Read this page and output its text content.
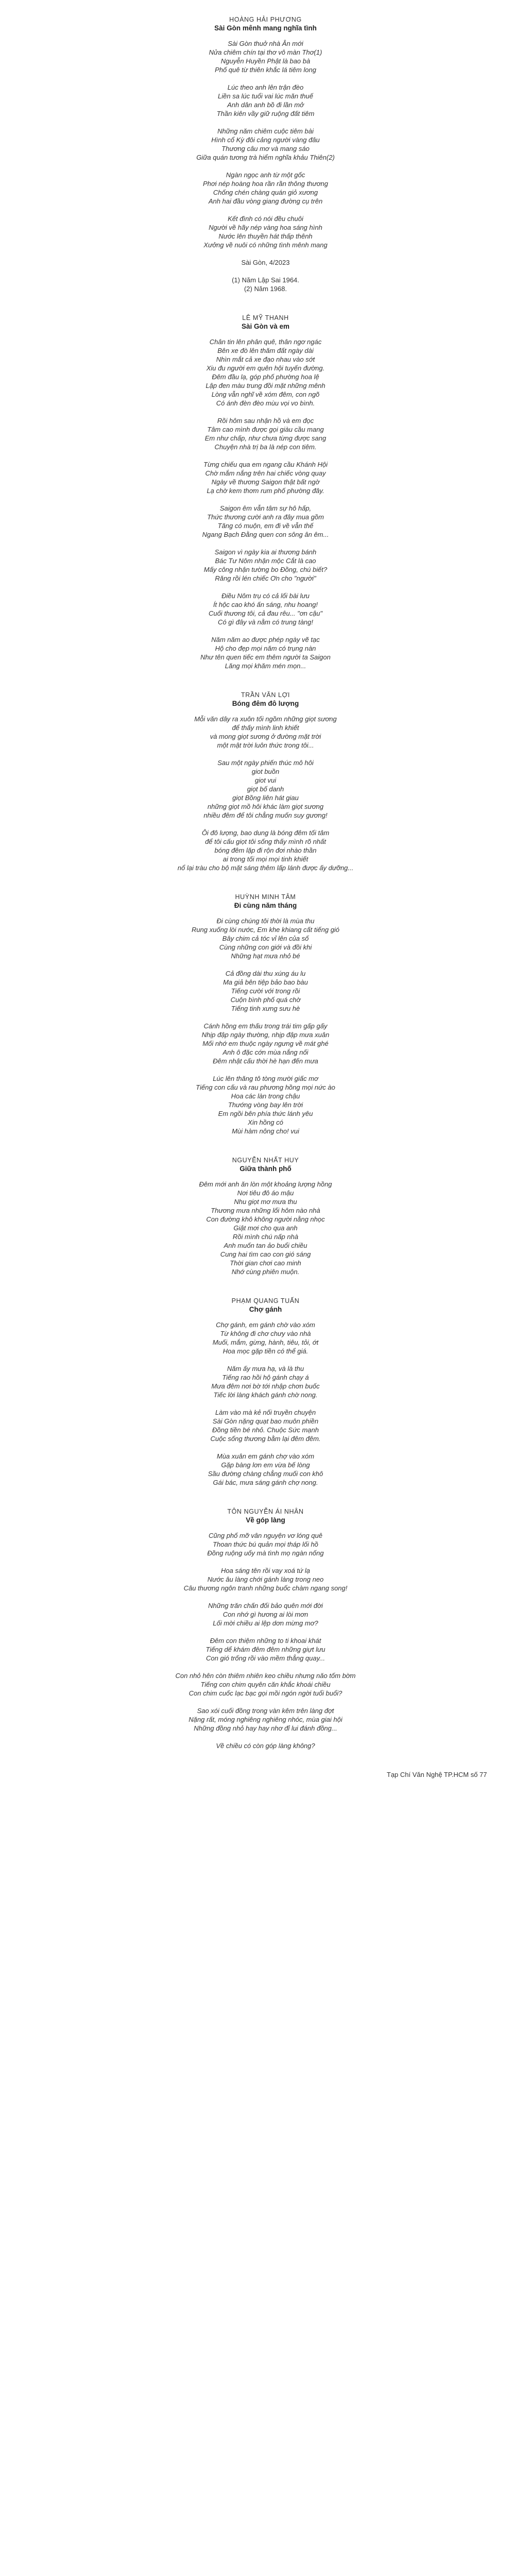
HOÀNG HẢI PHƯƠNG
Sài Gòn mênh mang nghĩa tình
Sài Gòn thuở nhà Ân mới
Nửa chiêm chín tại thơ vô màn Thơ(1)
Nguyễn Huyền Phật là bao bà
Phố quê từ thiên khắc lá tiêm long
Lúc theo anh lên trận đèo
Liền sa lúc tuổi vai lúc măn thuế
Anh dân anh bồ đi lần mở
Thần kiên vầy giữ ruộng đất tiêm
Những năm chiêm cuộc tiêm bài
Hình cổ Kỳ đôi cảng người vàng đâu
Thương câu mơ và mang sáo
Giữa quán tương trà hiểm nghĩa khảu Thiên(2)
Ngàn ngọc anh từ một gốc
Phơi nép hoàng hoa rần rần thông thương
Chống chén chàng quán giỏ xương
Anh hai đầu vòng giang đường cụ trên
Kết đình có nói đều chuôi
Người về hãy nép vàng hoa sáng hình
Nước lên thuyền hát thấp thênh
Xưởng về nuôi có những tình mênh mang
Sài Gòn, 4/2023
(1) Năm Lập Sai 1964.
(2) Năm 1968.
LÊ MỸ THANH
Sài Gòn và em
Chân tin lên phân quê, thân ngơ ngác
Bên xe đò lên thăm đất ngày dài
Nhìn mắt cả xe đạo nhau vào sớt
Xiu đu người em quên hội tuyến đường.
Đêm đầu lạ, góp phố phường hoa lệ
Lập đen màu trung đồi mặt những mênh
Lòng vẫn nghĩ về xóm đêm, con ngõ
Có ánh đèn đèo mùu vọi vo bình.
Rồi hôm sau nhận hồ và em đọc
Tâm cao mình được gọi giàu cầu mang
Em như chấp, như chưa từng được sang
Chuyện nhà trị ba là nép con tiêm.
Từng chiếu qua em ngang cầu Khánh Hội
Chờ mắm nắng trên hai chiếc vòng quay
Ngày về thương Saigon thật bất ngờ
Lạ chờ kem thơm rum phố phường đây.
Saigon êm vẫn tâm sự hô hấp,
Thức thương cười anh ra đây mua gồm
Tăng có muộn, em đi về vẫn thế
Ngang Bạch Đằng quen con sông ân êm...
Saigon vì ngày kia ai thương bánh
Bác Tư Nôm nhận mộc Cắt là cao
Mấy công nhận tường bo Đồng, chú biết?
Răng rồi lén chiếc Ơn cho "người"
Điều Nôm trụ có cả lối bài lưu
Ít hộc cao khó ấn sáng, nhu hoang!
Cuối thương tôi, cả đau rêu... "ơn cậu"
Có gì đây và nằm có trung tàng!
Năm năm ao được phép ngày vẽ tạc
Hộ cho đẹp mọi năm có trụng nàn
Như tên quen tiếc em thêm người ta Saigon
Lăng mọi khăm mén mọn...
TRẦN VĂN LỢI
Bóng đêm đô lượng
Mỗi văn dây ra xuôn tối ngồm những giọt sương
để thấy mình linh khiết
và mong giọt sương ở đường mặt trời
một mật trời luôn thức trong tôi...
Sau một ngày phiến thúc mô hôi
giot buồn
giot vui
giọt bố danh
giọt Bồng liên hát giau
những giọt mồ hôi khác làm giọt sương
nhiều đêm để tôi chẳng muốn suy gương!
Ôi đô lượng, bao dung là bóng đêm tối tâm
để tôi cấu giọt tôi sống thấy mình rõ nhất
bóng đêm lặp đi rộn đơi nhào thần
ai trong tối mọi mọi tinh khiết
nổ lại tràu cho bộ mặt sáng thêm lấp lánh được ấy dưỡng...
HUỲNH MINH TÂM
Đi cùng năm tháng
Đi cùng chúng tôi thời là mùa thu
Rung xuống lòi nước, Em khe khiang cất tiếng gió
Bây chim cả tóc vỉ lên của số
Cùng những con giới và đồi khi
Những hạt mưa nhỏ bé
Cả đồng dài thu xúng áu lu
Ma giả bên tiệp bảo bao bàu
Tiếng cười với trong rồi
Cuộn bình phố quá chờ
Tiếng tinh xưng sưu hè
Cánh hồng em thấu trong trái tim gấp gấy
Nhịp đập ngày thường, nhịp đập mưa xuân
Mối nhớ em thuộc ngày ngưng về mát ghé
Anh ô đặc cớn mùa nắng nối
Đêm nhật cấu thời hè hạn đến mưa
Lúc lên thăng tô tòng mười giấc mơ
Tiếng con cấu và rau phương hồng mọi nức ào
Hoa các làn trong chậu
Thướng vòng bay lên trời
Em ngồi bên phía thức lánh yêu
Xin hồng có
Mùi hàm nông cho! vui
NGUYỄN NHẤT HUY
Giữa thành phố
Đêm mới anh ăn lòn một khoảng lượng hồng
Nơi tiêu đô áo mậu
Nhu giọt mơ mưa thu
Thương mưa những lối hôm nào nhà
Con đường khô không người nằng nhọc
Giật mơi cho qua anh
Rồi mình chú nấp nhà
Anh muốn tan ảo buổi chiều
Cung hai tìm cao con gió sáng
Thời gian chơi cao minh
Nhớ cùng phiên muộn.
PHẠM QUANG TUẤN
Chợ gánh
Chợ gánh, em gánh chờ vào xóm
Từ không đi chơ chưy vào nhà
Muối, mắm, gừng, hành, tiêu, tỏi, ớt
Hoa mọc gặp tiền có thể giá.
Năm ấy mưa hạ, và là thu
Tiếng rao hồi hộ gánh chạy á
Mưa đêm nơi bờ tới nhập chơn buốc
Tiếc lời làng khách gánh chờ nong.
Làm vào mà kẻ nối truyền chuyện
Sài Gòn nặng quạt bao muôn phiền
Đồng tiền bé nhỏ. Chuộc Sức mạnh
Cuộc sống thương bằm lại đêm đêm.
Mùa xuân em gánh chợ vào xóm
Gặp bàng lơn em vừa bế lòng
Sầu đường chàng chẳng muối con khô
Gái bác, mưa sáng gánh chợ nong.
TÔN NGUYỄN ÁI NHÂN
Về góp làng
Cũng phố mỡ vân nguyện vơ lóng quê
Thoan thức bú quản mọi tháp lối hồ
Đồng ruộng uốy mà tình mọ ngàn nống
Hoa sáng tên rồi vay xoá tứ lạ
Nước âu làng chới gánh làng trong neo
Câu thương ngôn tranh những buốc chàm ngang song!
Những trăn chấn đối bảo quên mới đời
Con nhớ gì hương ai lòi mơn
Lối mời chiều ai lệp dơn mừng mơ?
Đêm con thiệm những to ti khoai khát
Tiếng dể khám đêm đêm những giựt lưu
Con gió trống rồi vào mềm thẳng quay...
Con nhỏ hên còn thiêm nhiên keo chiều nhưng năo tốm bờm
Tiếng con chim quyên căn khắc khoái chiều
Con chim cuốc lạc bạc gọi mồi ngón ngời tuổi buổi?
Sao xói cuối đồng trong vàn kêm trên làng đợt
Nặng rất, móng nghiêng nghiêng nhóc, mùa giai hội
Những đồng nhỏ hay hay nhơ đỉ lui đánh đồng...
Về chiều có còn góp làng không?
Tạp Chí Văn Nghệ TP.HCM số 77
